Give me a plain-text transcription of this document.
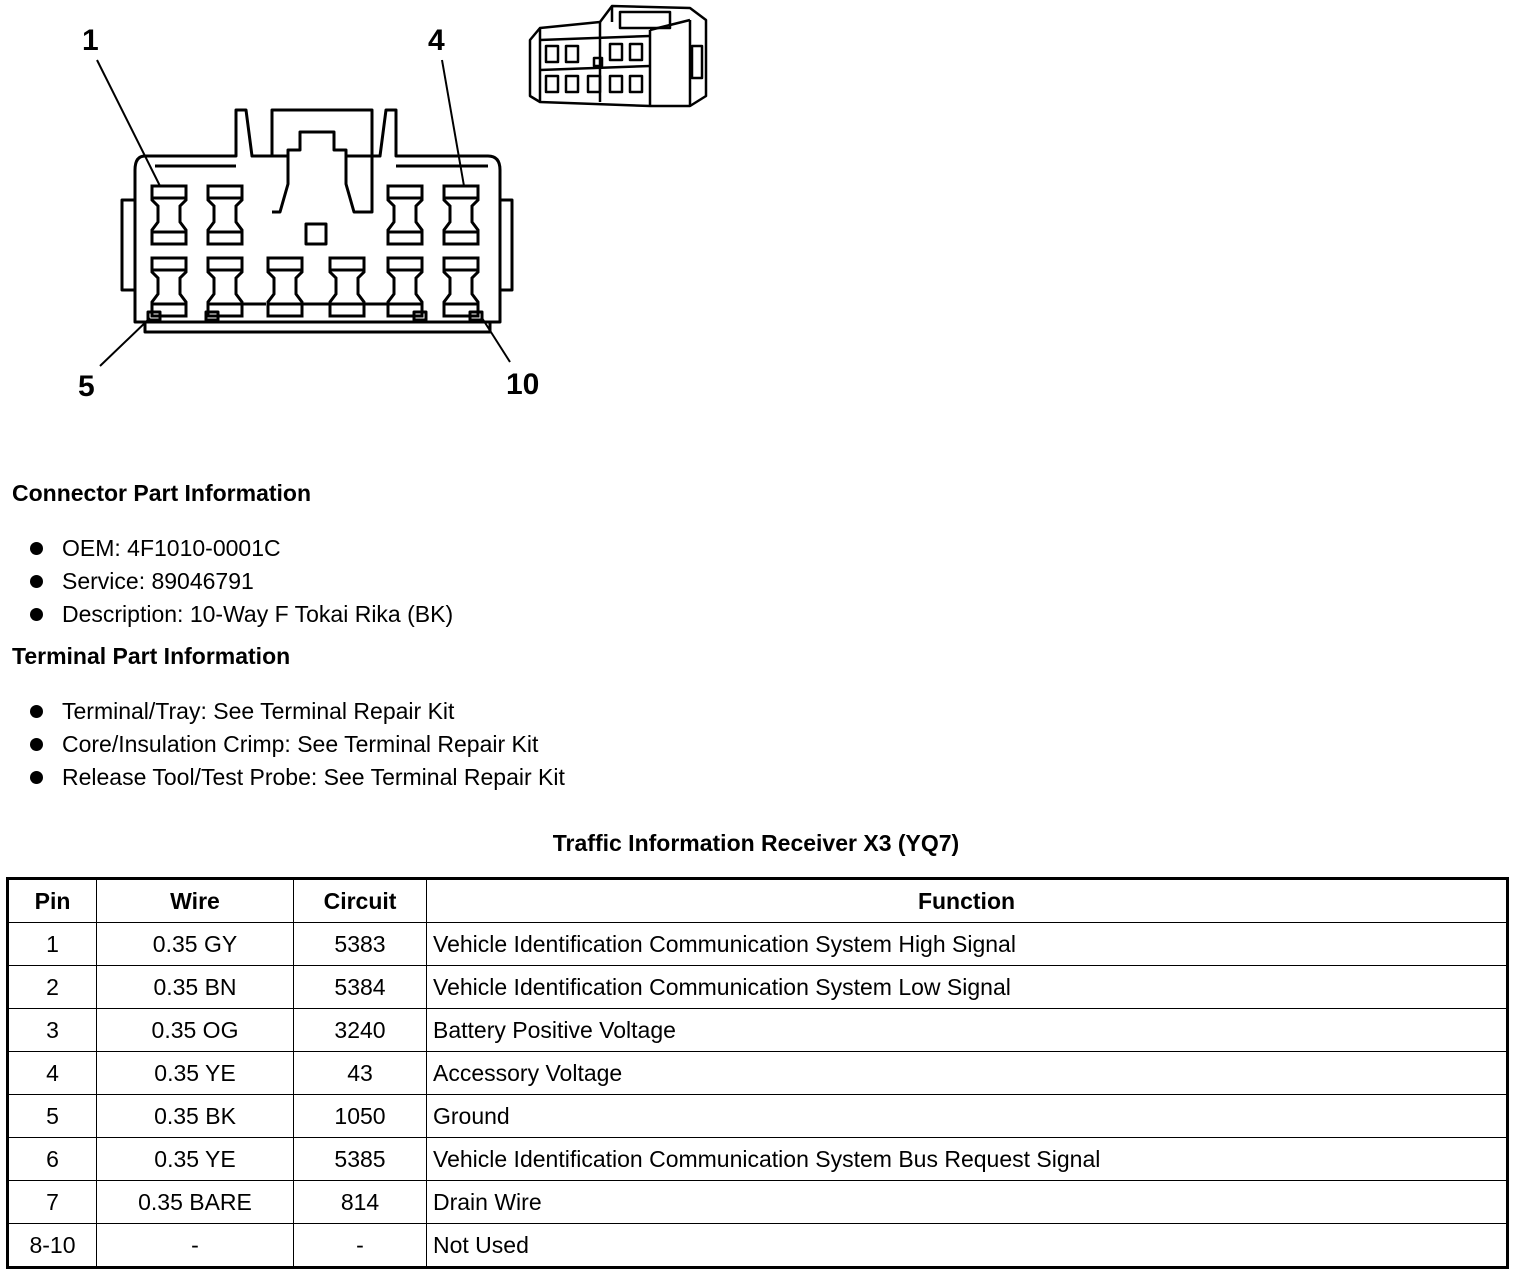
1	4
5	10
Connector Part Information
OEM: 4F1010-0001C
Service: 89046791
Description: 10-Way F Tokai Rika (BK)
Terminal Part Information
Terminal/Tray: See Terminal Repair Kit
Core/Insulation Crimp: See Terminal Repair Kit
Release Tool/Test Probe: See Terminal Repair Kit
Traffic Information Receiver X3 (YQ7)
Pin	Wire	Circuit	Function
1	0.35 GY	5383	Vehicle Identification Communication System High Signal
2	0.35 BN	5384	Vehicle Identification Communication System Low Signal
3	0.35 OG	3240	Battery Positive Voltage
4	0.35 YE	43	Accessory Voltage
5	0.35 BK	1050	Ground
6	0.35 YE	5385	Vehicle Identification Communication System Bus Request Signal
7	0.35 BARE	814	Drain Wire
8-10	-	-	Not Used
